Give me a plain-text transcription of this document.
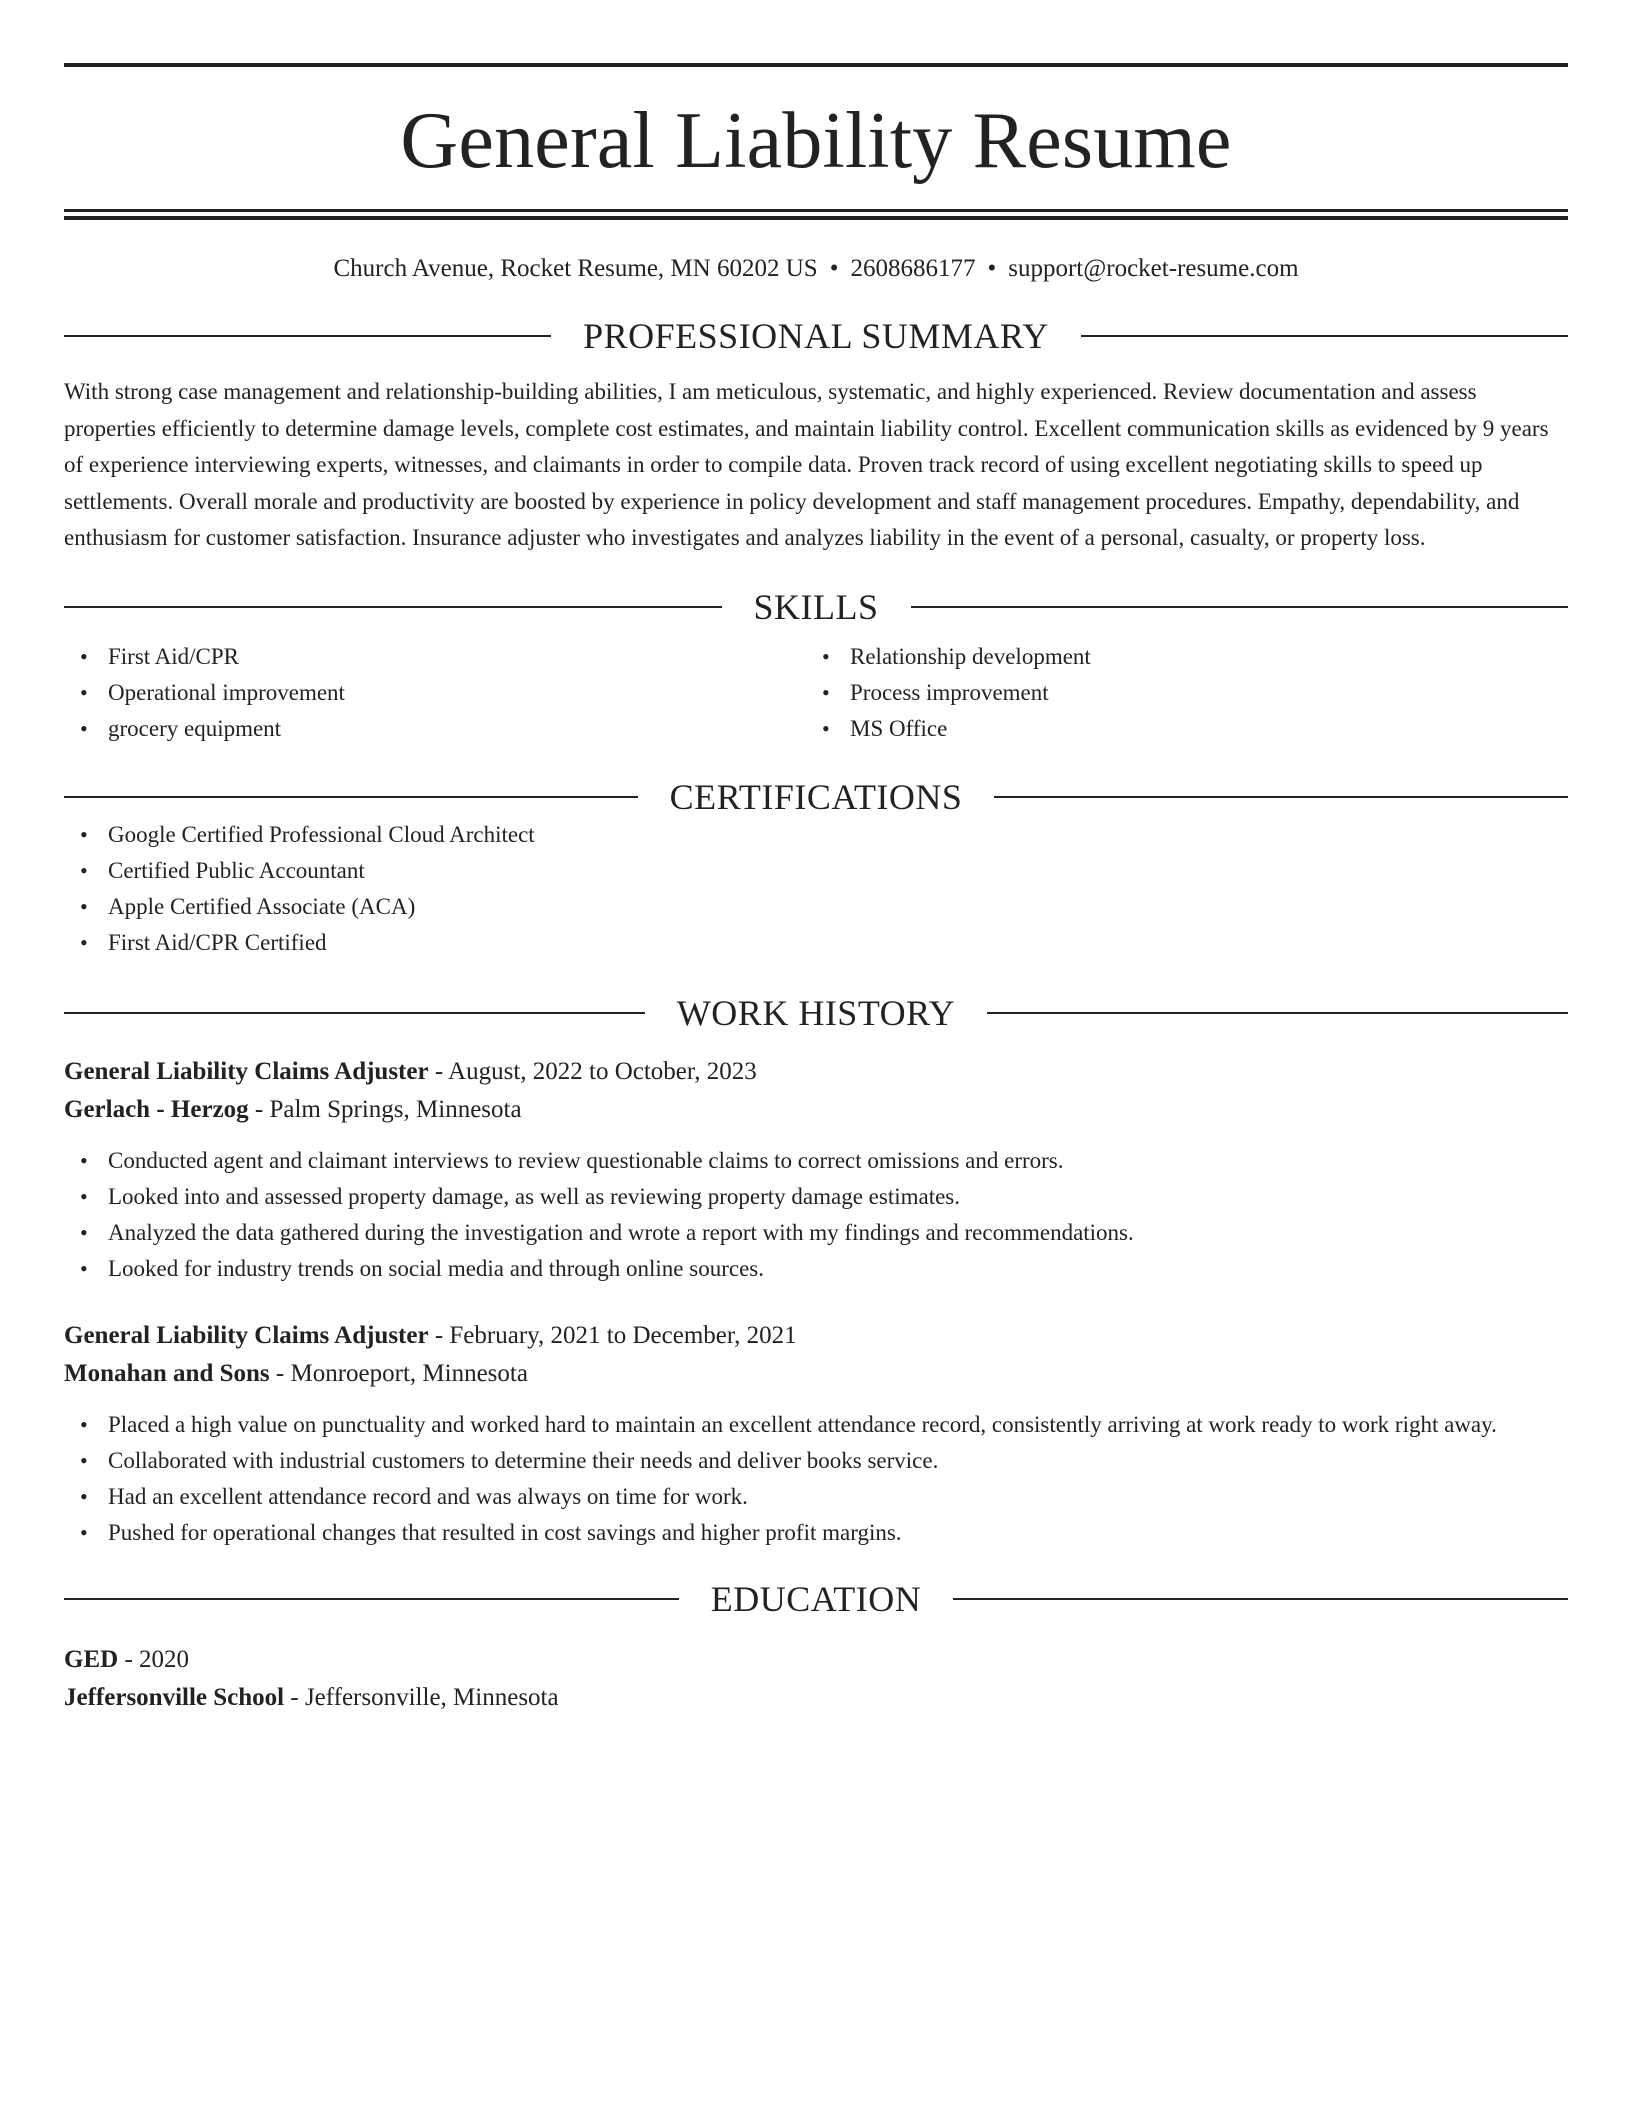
General Liability Resume
Church Avenue, Rocket Resume, MN 60202 US • 2608686177 • support@rocket-resume.com
PROFESSIONAL SUMMARY
With strong case management and relationship-building abilities, I am meticulous, systematic, and highly experienced. Review documentation and assess properties efficiently to determine damage levels, complete cost estimates, and maintain liability control. Excellent communication skills as evidenced by 9 years of experience interviewing experts, witnesses, and claimants in order to compile data. Proven track record of using excellent negotiating skills to speed up settlements. Overall morale and productivity are boosted by experience in policy development and staff management procedures. Empathy, dependability, and enthusiasm for customer satisfaction. Insurance adjuster who investigates and analyzes liability in the event of a personal, casualty, or property loss.
SKILLS
• First Aid/CPR
• Operational improvement
• grocery equipment
• Relationship development
• Process improvement
• MS Office
CERTIFICATIONS
• Google Certified Professional Cloud Architect
• Certified Public Accountant
• Apple Certified Associate (ACA)
• First Aid/CPR Certified
WORK HISTORY
General Liability Claims Adjuster - August, 2022 to October, 2023
Gerlach - Herzog - Palm Springs, Minnesota
• Conducted agent and claimant interviews to review questionable claims to correct omissions and errors.
• Looked into and assessed property damage, as well as reviewing property damage estimates.
• Analyzed the data gathered during the investigation and wrote a report with my findings and recommendations.
• Looked for industry trends on social media and through online sources.
General Liability Claims Adjuster - February, 2021 to December, 2021
Monahan and Sons - Monroeport, Minnesota
• Placed a high value on punctuality and worked hard to maintain an excellent attendance record, consistently arriving at work ready to work right away.
• Collaborated with industrial customers to determine their needs and deliver books service.
• Had an excellent attendance record and was always on time for work.
• Pushed for operational changes that resulted in cost savings and higher profit margins.
EDUCATION
GED - 2020
Jeffersonville School - Jeffersonville, Minnesota
